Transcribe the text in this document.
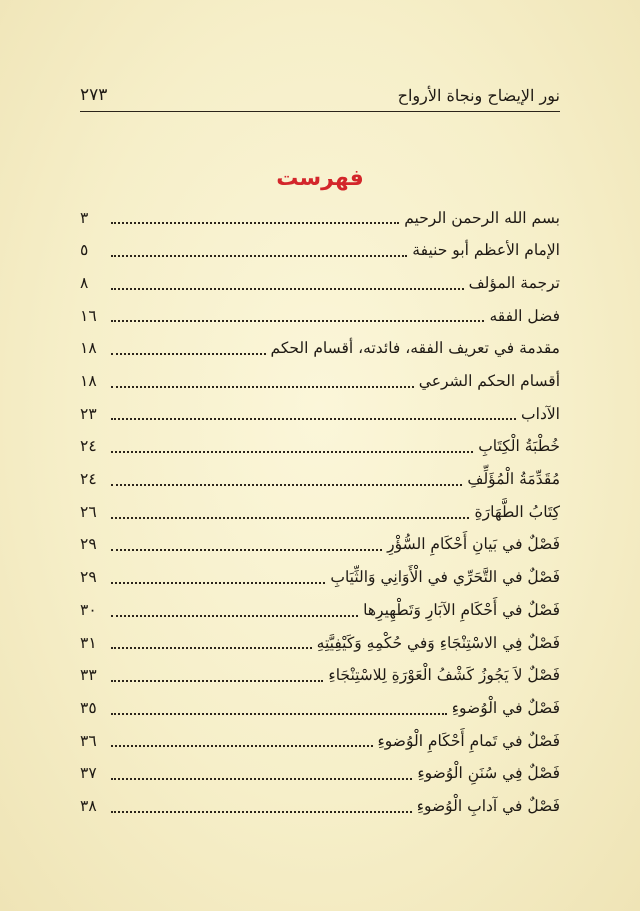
نور الإيضاح ونجاة الأرواح
٢٧٣
فهرست
بسم الله الرحمن الرحيم
٣
الإمام الأعظم أبو حنيفة
٥
ترجمة المؤلف
٨
فضل الفقه
١٦
مقدمة في تعريف الفقه، فائدته، أقسام الحكم
١٨
أقسام الحكم الشرعي
١٨
الآداب
٢٣
خُطْبَةُ الْكِتَابِ
٢٤
مُقَدِّمَةُ الْمُؤَلِّفِ
٢٤
كِتَابُ الطَّهَارَةِ
٢٦
فَصْلٌ في بَيانِ أَحْكَامِ السُّؤْرِ
٢٩
فَصْلٌ في التَّحَرِّي في الْأَوَانِي وَالثِّيَابِ
٢٩
فَصْلٌ في أَحْكَامِ الآبَارِ وَتَطْهِيرِها
٣٠
فَصْلٌ فِي الاسْتِنْجَاءِ وَفي حُكْمِهِ وَكَيْفِيَّتِهِ
٣١
فَصْلٌ لاَ يَجُوزُ كَشْفُ الْعَوْرَةِ لِلاسْتِنْجَاءِ
٣٣
فَصْلٌ في الْوُضوءِ
٣٥
فَصْلٌ في تَمامِ أَحْكَامِ الْوُضوءِ
٣٦
فَصْلٌ فِي سُنَنِ الْوُضوءِ
٣٧
فَصْلٌ في آدابِ الْوُضوءِ
٣٨
